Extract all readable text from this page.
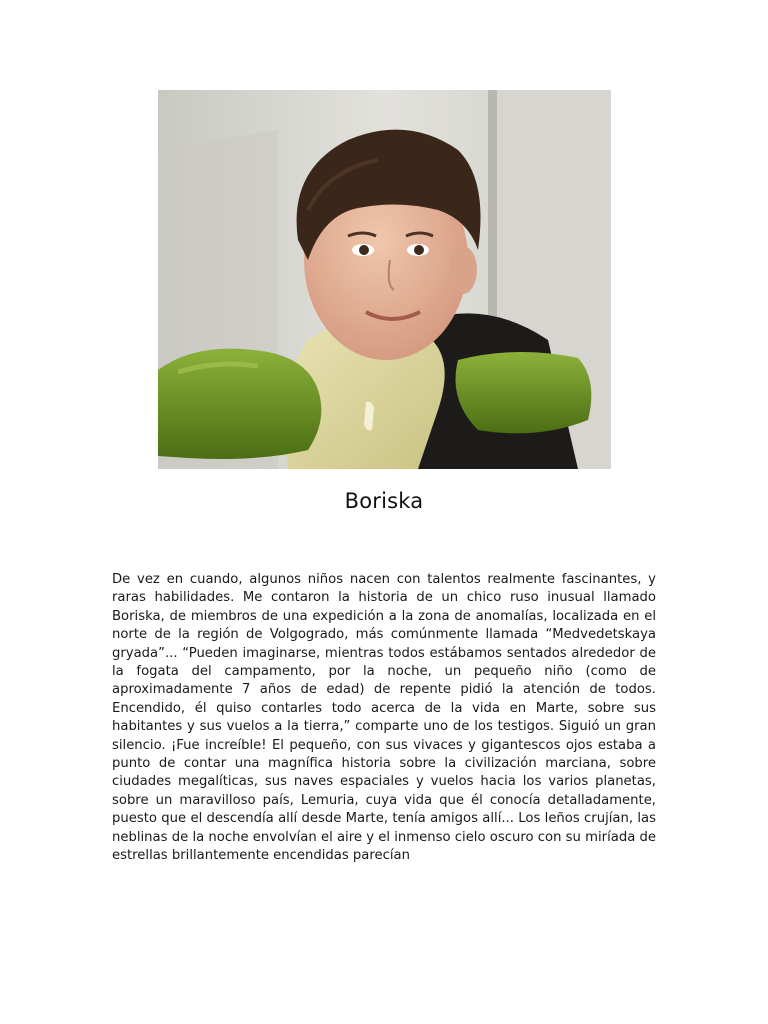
Boriska

De vez en cuando, algunos niños nacen con talentos realmente fascinantes, y raras habilidades. Me contaron la historia de un chico ruso inusual llamado Boriska, de miembros de una expedición a la zona de anomalías, localizada en el norte de la región de Volgogrado, más comúnmente llamada “Medvedetskaya gryada”... “Pueden imaginarse, mientras todos estábamos sentados alrededor de la fogata del campamento, por la noche, un pequeño niño (como de aproximadamente 7 años de edad) de repente pidió la atención de todos. Encendido, él quiso contarles todo acerca de la vida en Marte, sobre sus habitantes y sus vuelos a la tierra,” comparte uno de los testigos. Siguió un gran silencio. ¡Fue increíble! El pequeño, con sus vivaces y gigantescos ojos estaba a punto de contar una magnífica historia sobre la civilización marciana, sobre ciudades megalíticas, sus naves espaciales y vuelos hacia los varios planetas, sobre un maravilloso país, Lemuria, cuya vida que él conocía detalladamente, puesto que el descendía allí desde Marte, tenía amigos allí... Los leños crujían, las neblinas de la noche envolvían el aire y el inmenso cielo oscuro con su miríada de estrellas brillantemente encendidas parecían
